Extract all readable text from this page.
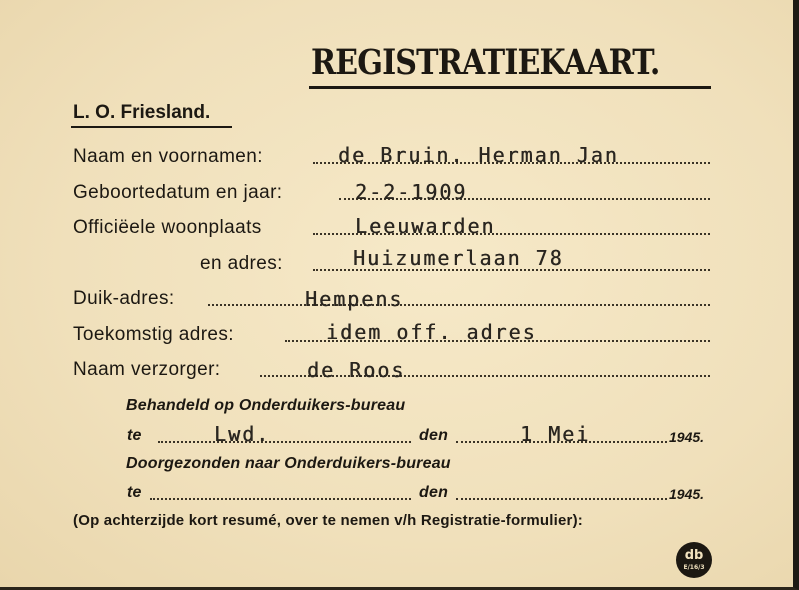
REGISTRATIEKAART.
L. O. Friesland.
Naam en voornamen:	de Bruin. Herman Jan
Geboortedatum en jaar:	2-2-1909
Officiëele woonplaats	Leeuwarden
en adres:	Huizumerlaan 78
Duik-adres:	Hempens
Toekomstig adres:	idem off. adres
Naam verzorger:	de Roos
Behandeld op Onderduikers-bureau
te	Lwd.	den	1 Mei	1945.
Doorgezonden naar Onderduikers-bureau
te	den	1945.
(Op achterzijde kort resumé, over te nemen v/h Registratie-formulier):
db
E/16/3
